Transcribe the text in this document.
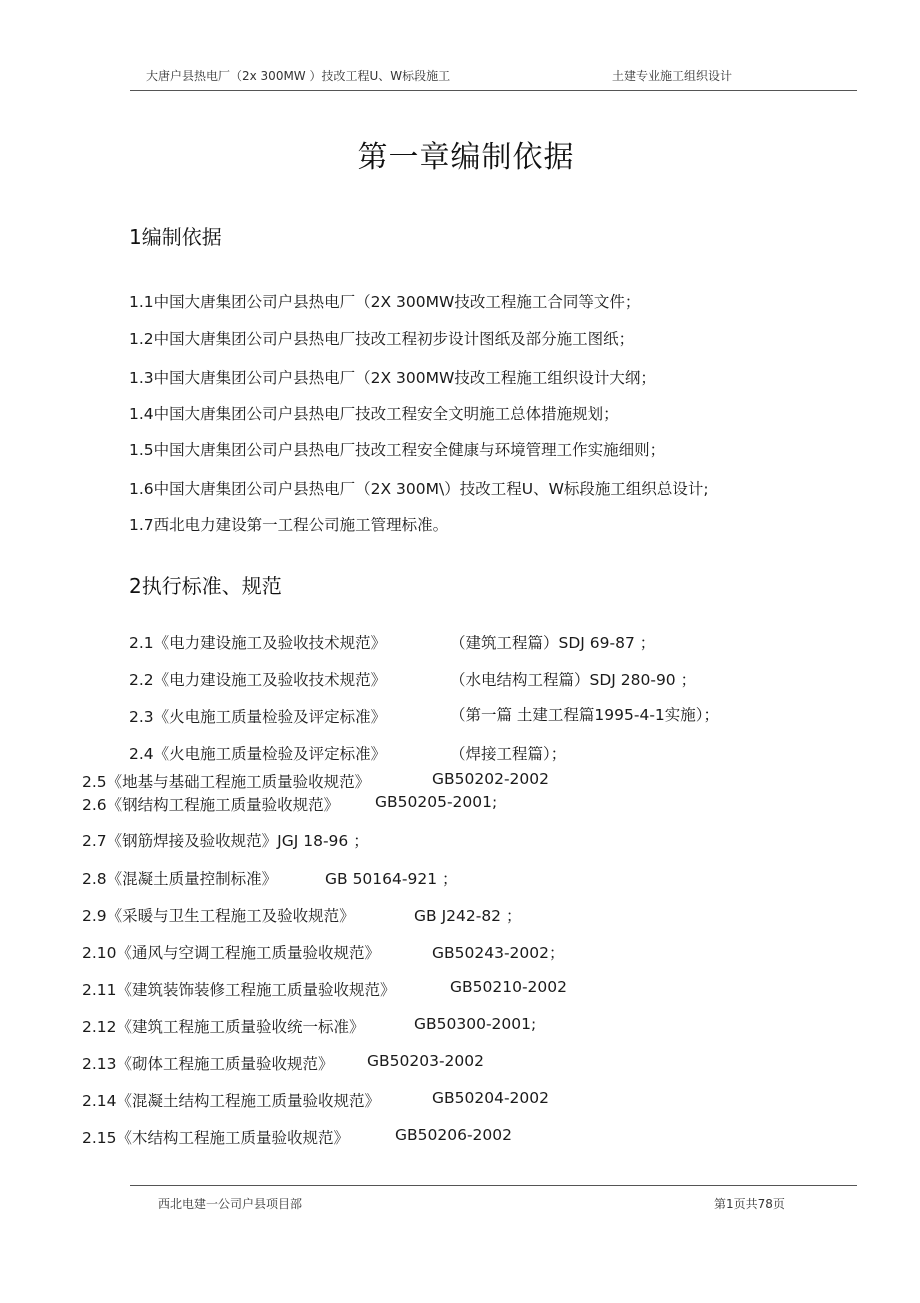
大唐户县热电厂（2x 300MW ）技改工程U、W标段施工	土建专业施工组织设计
第一章编制依据
1编制依据
1.1中国大唐集团公司户县热电厂（2X 300MW技改工程施工合同等文件；
1.2中国大唐集团公司户县热电厂技改工程初步设计图纸及部分施工图纸；
1.3中国大唐集团公司户县热电厂（2X 300MW技改工程施工组织设计大纲；
1.4中国大唐集团公司户县热电厂技改工程安全文明施工总体措施规划；
1.5中国大唐集团公司户县热电厂技改工程安全健康与环境管理工作实施细则；
1.6中国大唐集团公司户县热电厂（2X 300M\）技改工程U、W标段施工组织总设计;
1.7西北电力建设第一工程公司施工管理标准。
2执行标准、规范
2.1《电力建设施工及验收技术规范》	（建筑工程篇）SDJ 69-87 ；
2.2《电力建设施工及验收技术规范》	（水电结构工程篇）SDJ 280-90 ；
2.3《火电施工质量检验及评定标准》	（第一篇 土建工程篇1995-4-1实施）；
2.4《火电施工质量检验及评定标准》	（焊接工程篇）；
2.5《地基与基础工程施工质量验收规范》	GB50202-2002
2.6《钢结构工程施工质量验收规范》 GB50205-2001;
2.7《钢筋焊接及验收规范》JGJ 18-96 ；
2.8《混凝土质量控制标准》	GB 50164-921 ；
2.9《采暖与卫生工程施工及验收规范》	GB J242-82 ；
2.10《通风与空调工程施工质量验收规范》	GB50243-2002；
2.11《建筑装饰装修工程施工质量验收规范》	GB50210-2002
2.12《建筑工程施工质量验收统一标准》	GB50300-2001;
2.13《砌体工程施工质量验收规范》 GB50203-2002
2.14《混凝土结构工程施工质量验收规范》	GB50204-2002
2.15《木结构工程施工质量验收规范》	GB50206-2002
西北电建一公司户县项目部	第1页共78页
